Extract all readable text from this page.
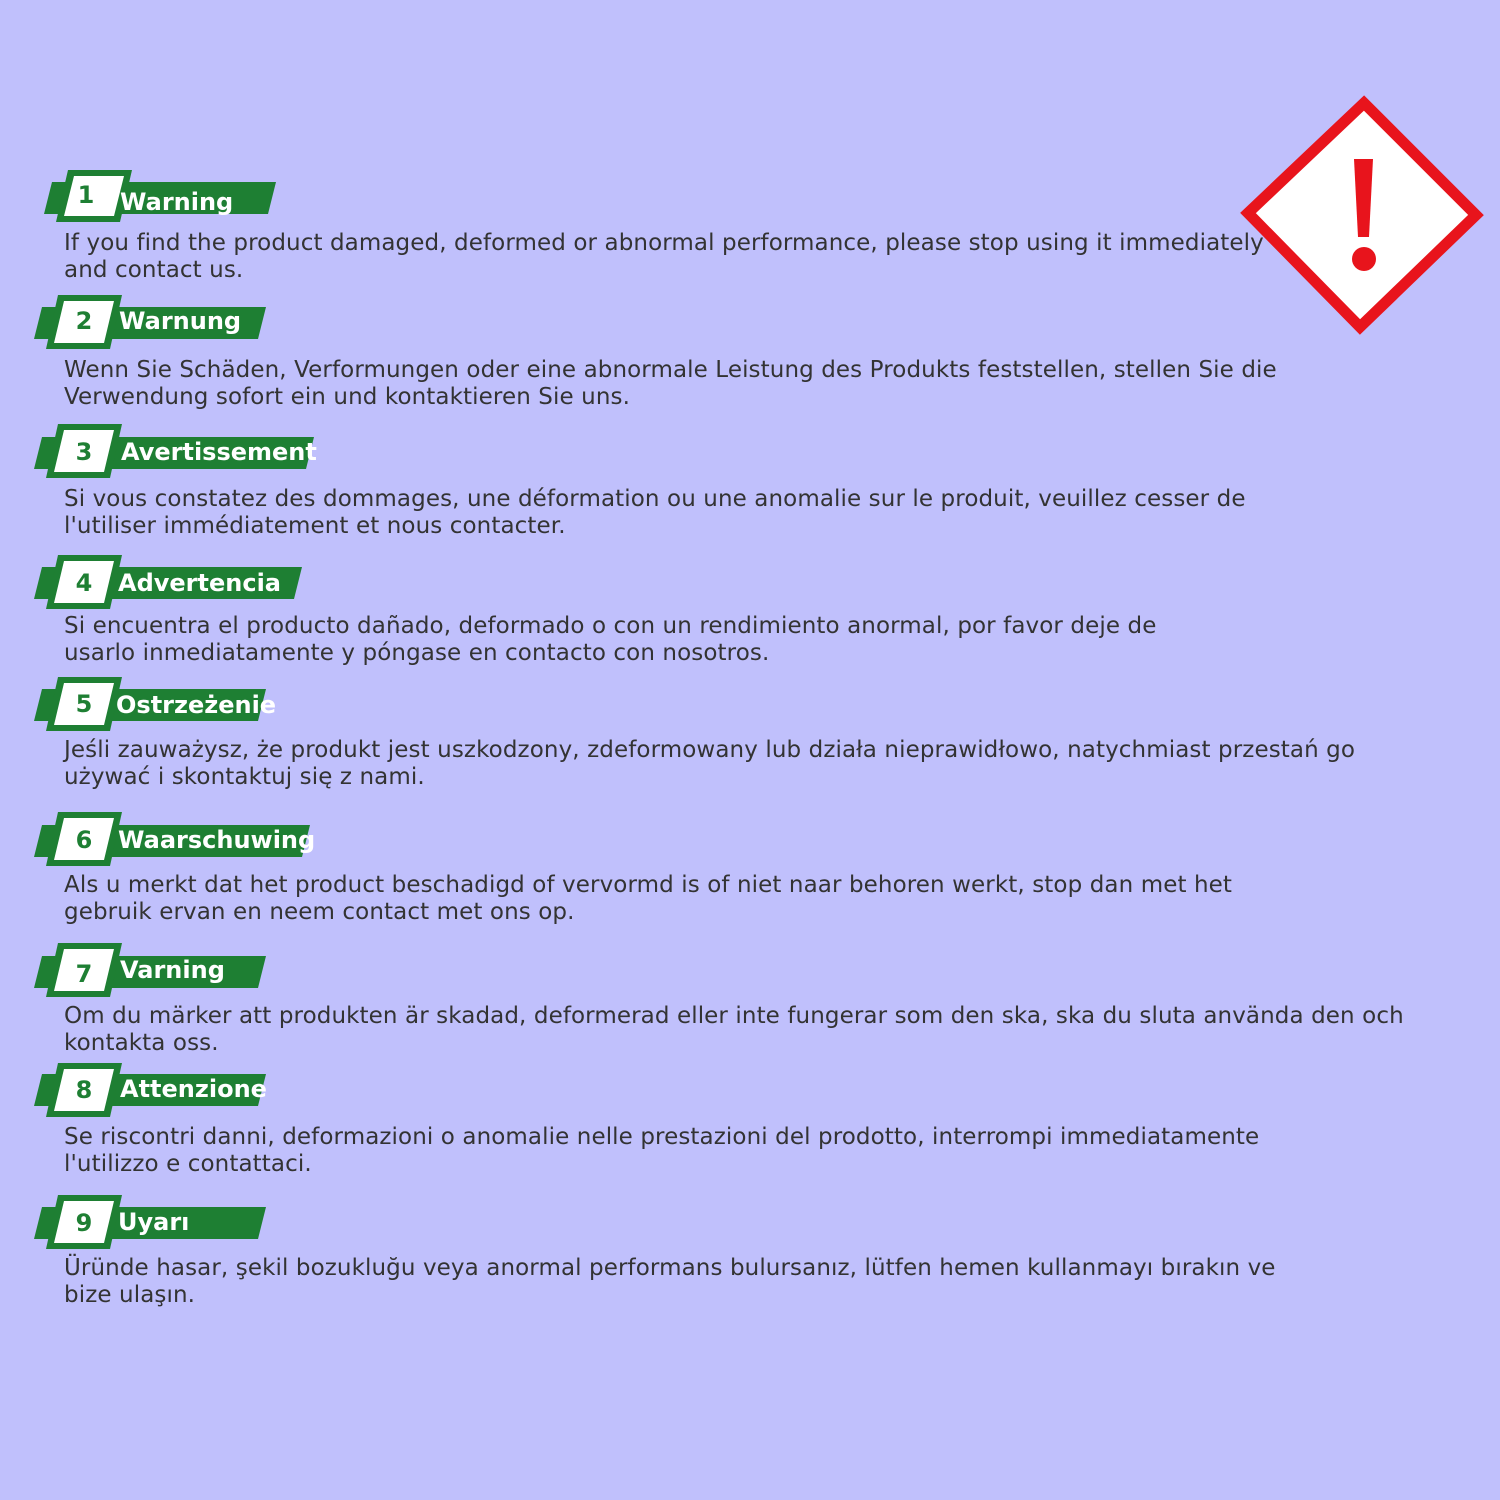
1	Warning
If you find the product damaged, deformed or abnormal performance, please stop using it immediately and contact us.
2	Warnung
Wenn Sie Schäden, Verformungen oder eine abnormale Leistung des Produkts feststellen, stellen Sie die Verwendung sofort ein und kontaktieren Sie uns.
3	Avertissement
Si vous constatez des dommages, une déformation ou une anomalie sur le produit, veuillez cesser de l'utiliser immédiatement et nous contacter.
4	Advertencia
Si encuentra el producto dañado, deformado o con un rendimiento anormal, por favor deje de usarlo inmediatamente y póngase en contacto con nosotros.
5 Ostrzeżenie
Jeśli zauważysz, że produkt jest uszkodzony, zdeformowany lub działa nieprawidłowo, natychmiast przestań go używać i skontaktuj się z nami.
6	Waarschuwing
Als u merkt dat het product beschadigd of vervormd is of niet naar behoren werkt, stop dan met het gebruik ervan en neem contact met ons op.
7	Varning
Om du märker att produkten är skadad, deformerad eller inte fungerar som den ska, ska du sluta använda den och kontakta oss.
8	Attenzione
Se riscontri danni, deformazioni o anomalie nelle prestazioni del prodotto, interrompi immediatamente l'utilizzo e contattaci.
9	Uyarı
Üründe hasar, şekil bozukluğu veya anormal performans bulursanız, lütfen hemen kullanmayı bırakın ve bize ulaşın.
